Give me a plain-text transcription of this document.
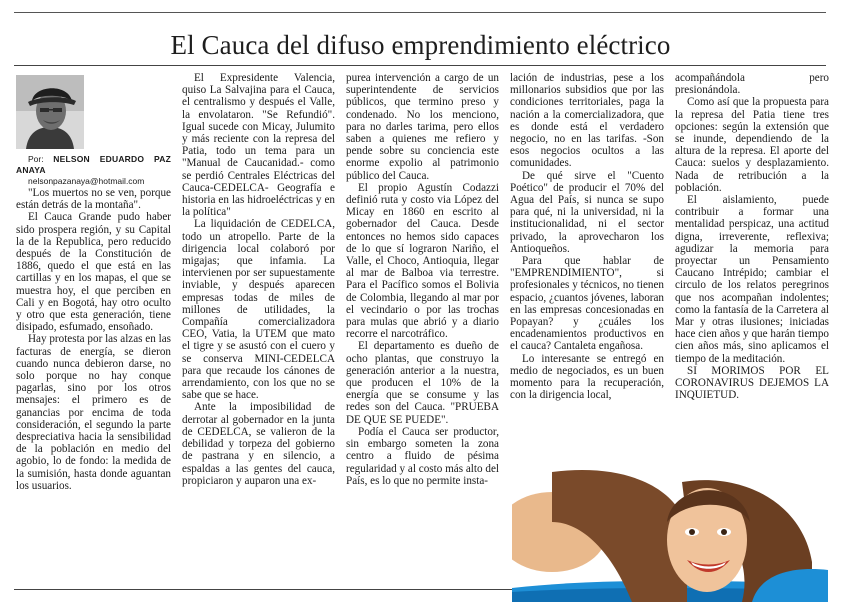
El Cauca del difuso emprendimiento eléctrico

Por: NELSON EDUARDO PAZ ANAYA

nelsonpazanaya@hotmail.com

"Los muertos no se ven, porque están detrás de la montaña".

El Cauca Grande pudo haber sido prospera región, y su Capital la de la Republica, pero reducido después de la Constitución de 1886, quedo el que está en las cartillas y en los mapas, el que se muestra hoy, el que perciben en Cali y en Bogotá, hay otro oculto y otro que esta generación, tiene disipado, esfumado, ensoñado.

Hay protesta por las alzas en las facturas de energía, se dieron cuando nunca debieron darse, no solo porque no hay conque pagarlas, sino por los otros mensajes: el primero es de ganancias por encima de toda consideración, el segundo la parte despreciativa hacia la sensibilidad de la población en medio del agobio, lo de fondo: la medida de la sumisión, hasta donde aguantan los usuarios.

El Expresidente Valencia, quiso La Salvajina para el Cauca, el centralismo y después el Valle, la envolataron. "Se Refundió". Igual sucede con Micay, Julumito y más reciente con la represa del Patia, todo un tema para un "Manual de Caucanidad.- como se perdió Centrales Eléctricas del Cauca-CEDELCA- Geografía e historia en las hidroeléctricas y en la política"

La liquidación de CEDELCA, todo un atropello. Parte de la dirigencia local colaboró por migajas; que infamia. La intervienen por ser supuestamente inviable, y después aparecen empresas todas de miles de millones de utilidades, la Compañía comercializadora CEO, Vatia, la UTEM que mato el tigre y se asustó con el cuero y se conserva MINI-CEDELCA para que recaude los cánones de arrendamiento, con los que no se sabe que se hace.

Ante la imposibilidad de derrotar al gobernador en la junta de CEDELCA, se valieron de la debilidad y torpeza del gobierno de pastrana y en silencio, a espaldas a las gentes del cauca, propiciaron y auparon una ex-

purea intervención a cargo de un superintendente de servicios públicos, que termino preso y condenado. No los menciono, para no darles tarima, pero ellos saben a quienes me refiero y pende sobre su conciencia este enorme expolio al patrimonio público del Cauca.

El propio Agustín Codazzi definió ruta y costo via López del Micay en 1860 en escrito al gobernador del Cauca. Desde entonces no hemos sido capaces de lo que sí lograron Nariño, el Valle, el Choco, Antioquia, llegar al mar de Balboa via terrestre. Para el Pacífico somos el Bolivia de Colombia, llegando al mar por el vecindario o por las trochas para mulas que abrió y a diario recorre el narcotráfico.

El departamento es dueño de ocho plantas, que construyo la generación anterior a la nuestra, que producen el 10% de la energía que se consume y las redes son del Cauca. "PRUEBA DE QUE SE PUEDE".

Podía el Cauca ser productor, sin embargo someten la zona centro a fluido de pésima regularidad y al costo más alto del País, es lo que no permite insta-

lación de industrias, pese a los millonarios subsidios que por las condiciones territoriales, paga la nación a la comercializadora, que es donde está el verdadero negocio, no en las tarifas. -Son esos negocios ocultos a las comunidades.

De qué sirve el "Cuento Poético" de producir el 70% del Agua del País, si nunca se supo para qué, ni la universidad, ni la institucionalidad, ni el sector privado, la aprovecharon los Antioqueños.

Para que hablar de "EMPRENDIMIENTO", si profesionales y técnicos, no tienen espacio, ¿cuantos jóvenes, laboran en las empresas concesionadas en Popayan? y ¿cuáles los encadenamientos productivos en el cauca? Cantaleta engañosa.

Lo interesante se entregó en medio de negociados, es un buen momento para la recuperación, con la dirigencia local,

acompañándola pero presionándola.

Como así que la propuesta para la represa del Patia tiene tres opciones: según la extensión que se inunde, dependiendo de la altura de la represa. El aporte del Cauca: suelos y desplazamiento. Nada de retribución a la población.

El aislamiento, puede contribuir a formar una mentalidad perspicaz, una actitud digna, irreverente, reflexiva; agudizar la memoria para proyectar un Pensamiento Caucano Intrépido; cambiar el circulo de los relatos peregrinos que nos acompañan indolentes; como la fantasía de la Carretera al Mar y otras ilusiones; iniciadas hace cien años y que harán tiempo cien años más, sino aplicamos el tiempo de la meditación.

SI MORIMOS POR EL CORONAVIRUS DEJEMOS LA INQUIETUD.
